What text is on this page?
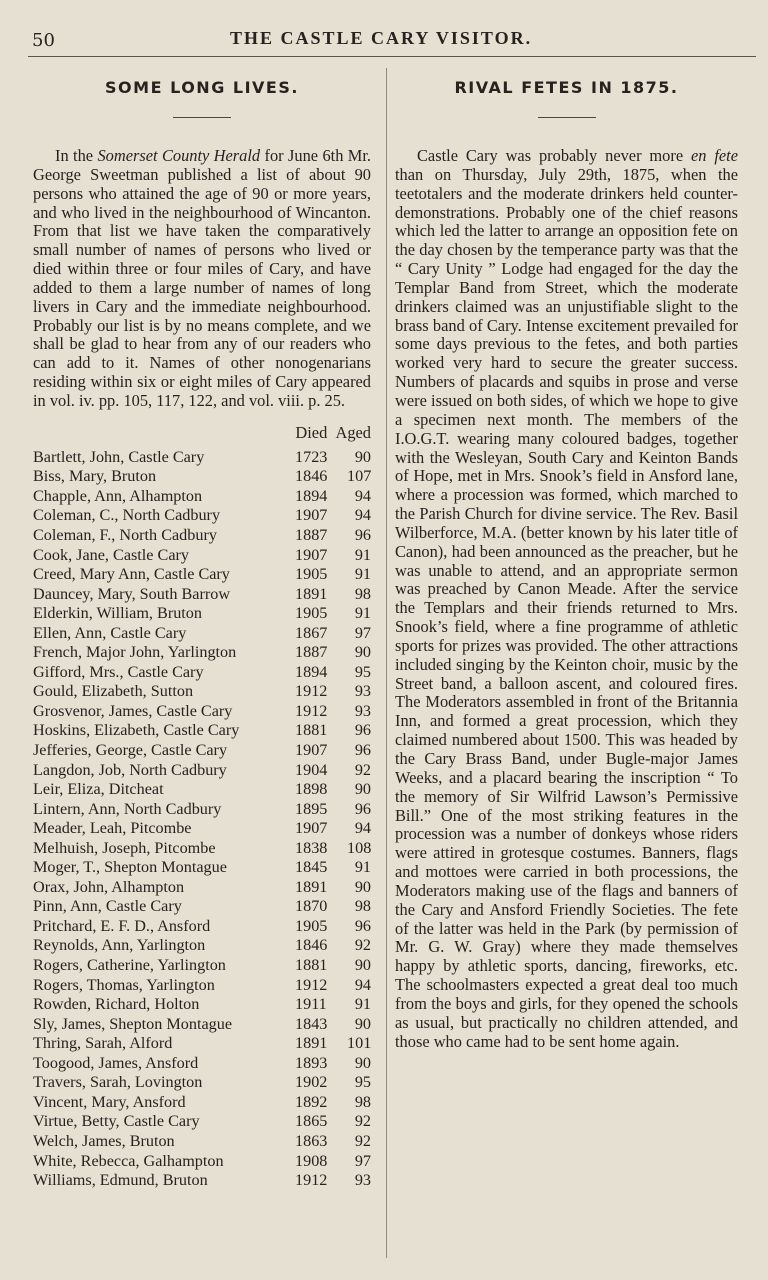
50	THE CASTLE CARY VISITOR.
SOME LONG LIVES.

In the Somerset County Herald for June 6th Mr. George Sweetman published a list of about 90 persons who attained the age of 90 or more years, and who lived in the neighbourhood of Wincanton. From that list we have taken the comparatively small number of names of persons who lived or died within three or four miles of Cary, and have added to them a large number of names of long livers in Cary and the immediate neighbourhood. Probably our list is by no means complete, and we shall be glad to hear from any of our readers who can add to it. Names of other nonogenarians residing within six or eight miles of Cary appeared in vol. iv. pp. 105, 117, 122, and vol. viii. p. 25.

Died Aged
Bartlett, John, Castle Cary	1723	90
Biss, Mary, Bruton	1846	107
Chapple, Ann, Alhampton	1894	94
Coleman, C., North Cadbury	1907	94
Coleman, F., North Cadbury	1887	96
Cook, Jane, Castle Cary	1907	91
Creed, Mary Ann, Castle Cary	1905	91
Dauncey, Mary, South Barrow	1891	98
Elderkin, William, Bruton	1905	91
Ellen, Ann, Castle Cary	1867	97
French, Major John, Yarlington	1887	90
Gifford, Mrs., Castle Cary	1894	95
Gould, Elizabeth, Sutton	1912	93
Grosvenor, James, Castle Cary	1912	93
Hoskins, Elizabeth, Castle Cary	1881	96
Jefferies, George, Castle Cary	1907	96
Langdon, Job, North Cadbury	1904	92
Leir, Eliza, Ditcheat	1898	90
Lintern, Ann, North Cadbury	1895	96
Meader, Leah, Pitcombe	1907	94
Melhuish, Joseph, Pitcombe	1838	108
Moger, T., Shepton Montague	1845	91
Orax, John, Alhampton	1891	90
Pinn, Ann, Castle Cary	1870	98
Pritchard, E. F. D., Ansford	1905	96
Reynolds, Ann, Yarlington	1846	92
Rogers, Catherine, Yarlington	1881	90
Rogers, Thomas, Yarlington	1912	94
Rowden, Richard, Holton	1911	91
Sly, James, Shepton Montague	1843	90
Thring, Sarah, Alford	1891	101
Toogood, James, Ansford	1893	90
Travers, Sarah, Lovington	1902	95
Vincent, Mary, Ansford	1892	98
Virtue, Betty, Castle Cary	1865	92
Welch, James, Bruton	1863	92
White, Rebecca, Galhampton	1908	97
Williams, Edmund, Bruton	1912	93
RIVAL FETES IN 1875.

Castle Cary was probably never more en fete than on Thursday, July 29th, 1875, when the teetotalers and the moderate drinkers held counter-demonstrations. Probably one of the chief reasons which led the latter to arrange an opposition fete on the day chosen by the temperance party was that the “ Cary Unity ” Lodge had engaged for the day the Templar Band from Street, which the moderate drinkers claimed was an unjustifiable slight to the brass band of Cary. Intense excitement prevailed for some days previous to the fetes, and both parties worked very hard to secure the greater success. Numbers of placards and squibs in prose and verse were issued on both sides, of which we hope to give a specimen next month. The members of the I.O.G.T. wearing many coloured badges, together with the Wesleyan, South Cary and Keinton Bands of Hope, met in Mrs. Snook’s field in Ansford lane, where a procession was formed, which marched to the Parish Church for divine service. The Rev. Basil Wilberforce, M.A. (better known by his later title of Canon), had been announced as the preacher, but he was unable to attend, and an appropriate sermon was preached by Canon Meade. After the service the Templars and their friends returned to Mrs. Snook’s field, where a fine programme of athletic sports for prizes was provided. The other attractions included singing by the Keinton choir, music by the Street band, a balloon ascent, and coloured fires. The Moderators assembled in front of the Britannia Inn, and formed a great procession, which they claimed numbered about 1500. This was headed by the Cary Brass Band, under Bugle-major James Weeks, and a placard bearing the inscription “ To the memory of Sir Wilfrid Lawson’s Permissive Bill.” One of the most striking features in the procession was a number of donkeys whose riders were attired in grotesque costumes. Banners, flags and mottoes were carried in both processions, the Moderators making use of the flags and banners of the Cary and Ansford Friendly Societies. The fete of the latter was held in the Park (by permission of Mr. G. W. Gray) where they made themselves happy by athletic sports, dancing, fireworks, etc. The schoolmasters expected a great deal too much from the boys and girls, for they opened the schools as usual, but practically no children attended, and those who came had to be sent home again.
